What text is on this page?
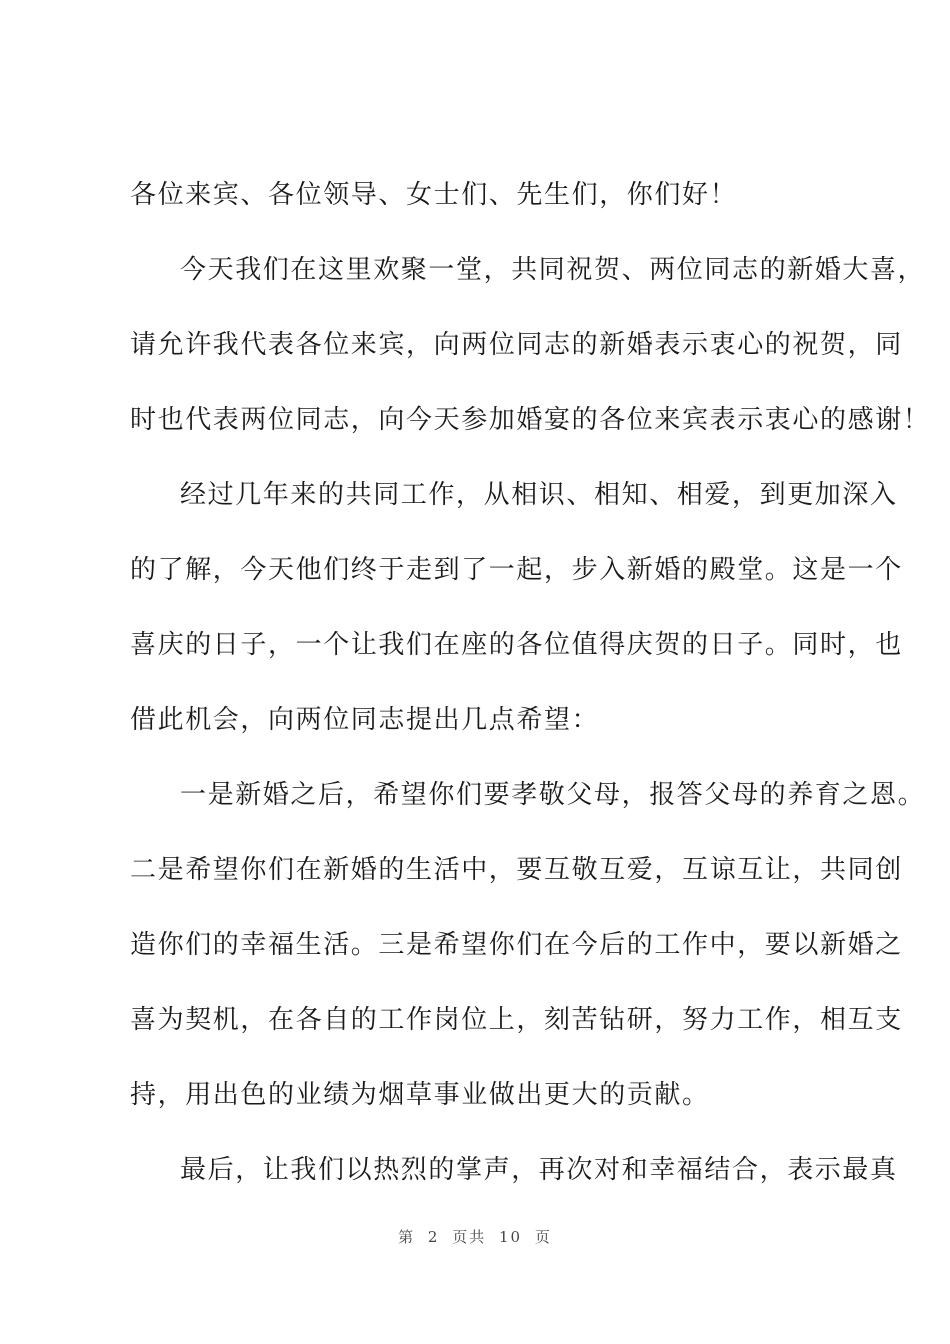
各位来宾、各位领导、女士们、先生们，你们好！
今天我们在这里欢聚一堂，共同祝贺、两位同志的新婚大喜，
请允许我代表各位来宾，向两位同志的新婚表示衷心的祝贺，同
时也代表两位同志，向今天参加婚宴的各位来宾表示衷心的感谢！
经过几年来的共同工作，从相识、相知、相爱，到更加深入
的了解，今天他们终于走到了一起，步入新婚的殿堂。这是一个
喜庆的日子，一个让我们在座的各位值得庆贺的日子。同时，也
借此机会，向两位同志提出几点希望：
一是新婚之后，希望你们要孝敬父母，报答父母的养育之恩。
二是希望你们在新婚的生活中，要互敬互爱，互谅互让，共同创
造你们的幸福生活。三是希望你们在今后的工作中，要以新婚之
喜为契机，在各自的工作岗位上，刻苦钻研，努力工作，相互支
持，用出色的业绩为烟草事业做出更大的贡献。
最后，让我们以热烈的掌声，再次对和幸福结合，表示最真
第 2 页共 10 页
